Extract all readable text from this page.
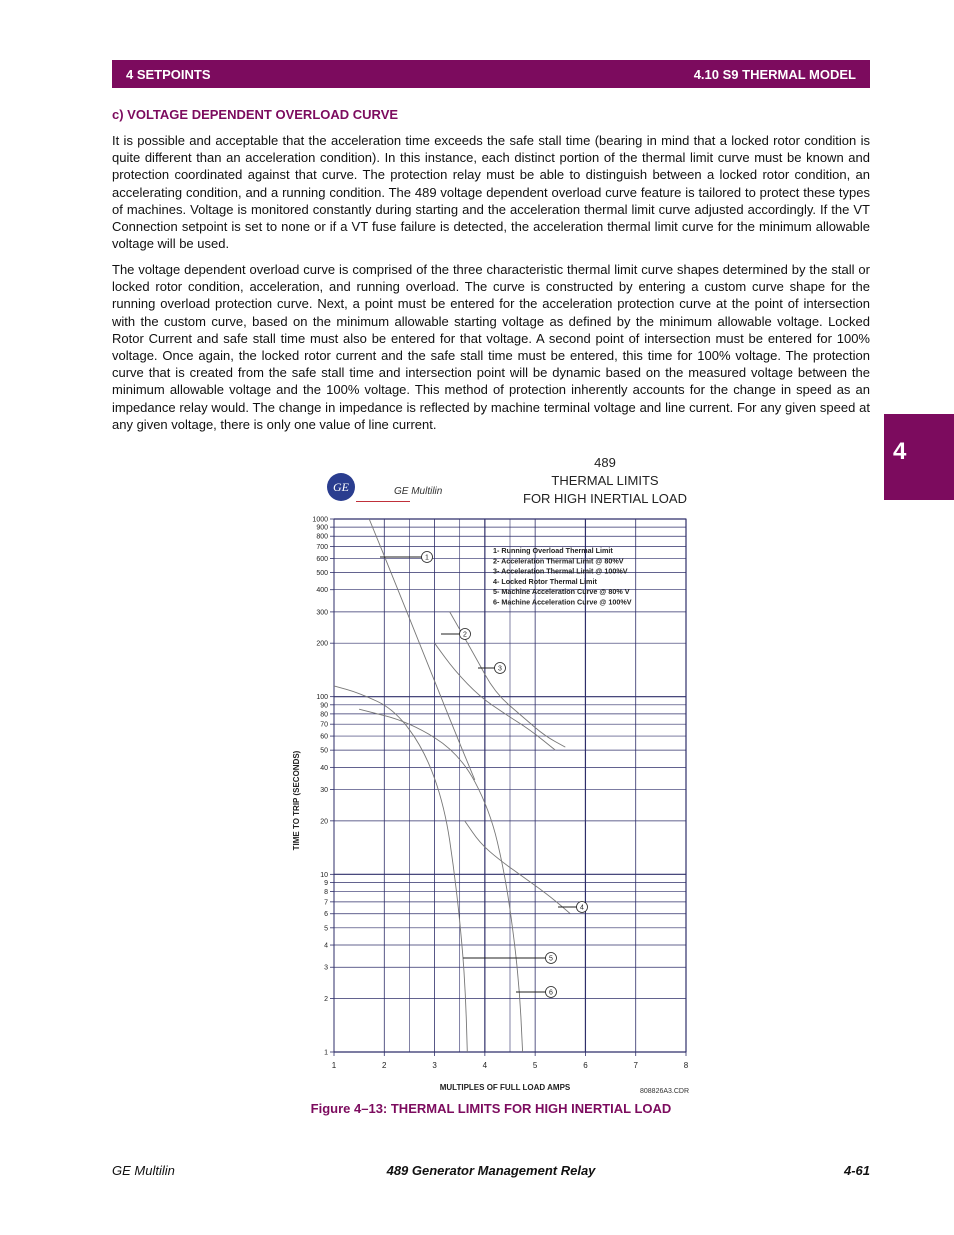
4 SETPOINTS	4.10 S9 THERMAL MODEL
c) VOLTAGE DEPENDENT OVERLOAD CURVE

It is possible and acceptable that the acceleration time exceeds the safe stall time (bearing in mind that a locked rotor condition is quite different than an acceleration condition). In this instance, each distinct portion of the thermal limit curve must be known and protection coordinated against that curve. The protection relay must be able to distinguish between a locked rotor condition, an accelerating condition, and a running condition. The 489 voltage dependent overload curve feature is tailored to protect these types of machines. Voltage is monitored constantly during starting and the acceleration thermal limit curve adjusted accordingly. If the VT Connection setpoint is set to none or if a VT fuse failure is detected, the acceleration thermal limit curve for the minimum allowable voltage will be used.

The voltage dependent overload curve is comprised of the three characteristic thermal limit curve shapes determined by the stall or locked rotor condition, acceleration, and running overload. The curve is constructed by entering a custom curve shape for the running overload protection curve. Next, a point must be entered for the acceleration protection curve at the point of intersection with the custom curve, based on the minimum allowable starting voltage as defined by the minimum allowable voltage. Locked Rotor Current and safe stall time must also be entered for that voltage. A second point of intersection must be entered for 100% voltage. Once again, the locked rotor current and the safe stall time must be entered, this time for 100% voltage. The protection curve that is created from the safe stall time and intersection point will be dynamic based on the measured voltage between the minimum allowable voltage and the 100% voltage. This method of protection inherently accounts for the change in speed as an impedance relay would. The change in impedance is reflected by machine terminal voltage and line current. For any given speed at any given voltage, there is only one value of line current.

4
GE	GE Multilin
489
THERMAL LIMITS
FOR HIGH INERTIAL LOAD
1	2	3	4	5	6	7	8
1
2
3
4
5
6
7
8
9
10
20
30
40
50
60
70
80
90
100
200
300
400
500
600
700
800
900
1000
MULTIPLES OF FULL LOAD AMPS
TIME TO TRIP (SECONDS)
1
2
3
4
5
6
1- Running Overload Thermal Limit
2- Acceleration Thermal Limit @ 80%V
3- Acceleration Thermal Limit @ 100%V
4- Locked Rotor Thermal Limit
5- Machine Acceleration Curve @ 80% V
6- Machine Acceleration Curve @ 100%V
808826A3.CDR
Figure 4–13: THERMAL LIMITS FOR HIGH INERTIAL LOAD
GE Multilin	489 Generator Management Relay	4-61
